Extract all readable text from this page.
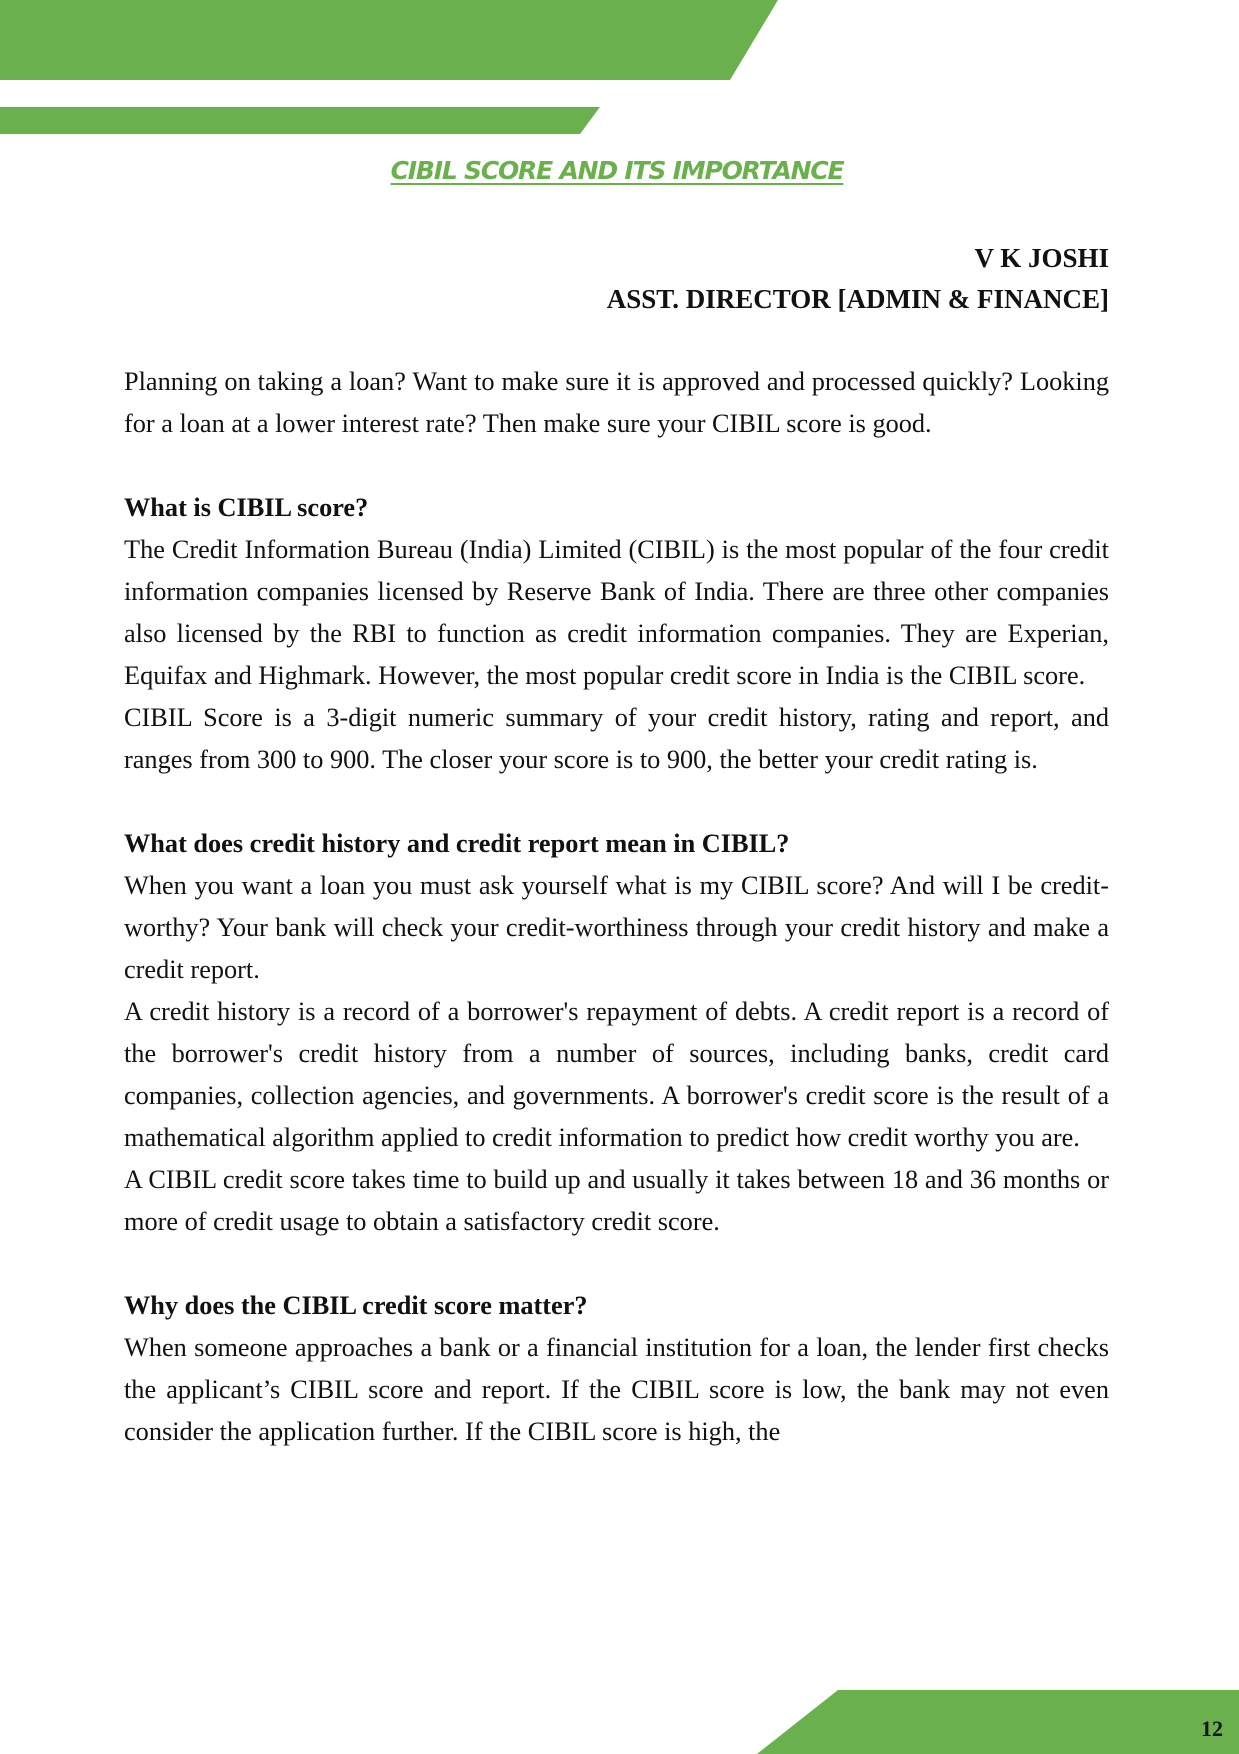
CIBIL SCORE AND ITS IMPORTANCE
V K JOSHI
ASST. DIRECTOR [ADMIN & FINANCE]

Planning on taking a loan? Want to make sure it is approved and processed quickly? Looking for a loan at a lower interest rate? Then make sure your CIBIL score is good.

What is CIBIL score?

The Credit Information Bureau (India) Limited (CIBIL) is the most popular of the four credit information companies licensed by Reserve Bank of India. There are three other companies also licensed by the RBI to function as credit information companies. They are Experian, Equifax and Highmark. However, the most popular credit score in India is the CIBIL score.

CIBIL Score is a 3-digit numeric summary of your credit history, rating and report, and ranges from 300 to 900. The closer your score is to 900, the better your credit rating is.

What does credit history and credit report mean in CIBIL?

When you want a loan you must ask yourself what is my CIBIL score? And will I be credit-worthy? Your bank will check your credit-worthiness through your credit history and make a credit report.

A credit history is a record of a borrower's repayment of debts. A credit report is a record of the borrower's credit history from a number of sources, including banks, credit card companies, collection agencies, and governments. A borrower's credit score is the result of a mathematical algorithm applied to credit information to predict how credit worthy you are.

A CIBIL credit score takes time to build up and usually it takes between 18 and 36 months or more of credit usage to obtain a satisfactory credit score.

Why does the CIBIL credit score matter?

When someone approaches a bank or a financial institution for a loan, the lender first checks the applicant’s CIBIL score and report. If the CIBIL score is low, the bank may not even consider the application further. If the CIBIL score is high, the

12
